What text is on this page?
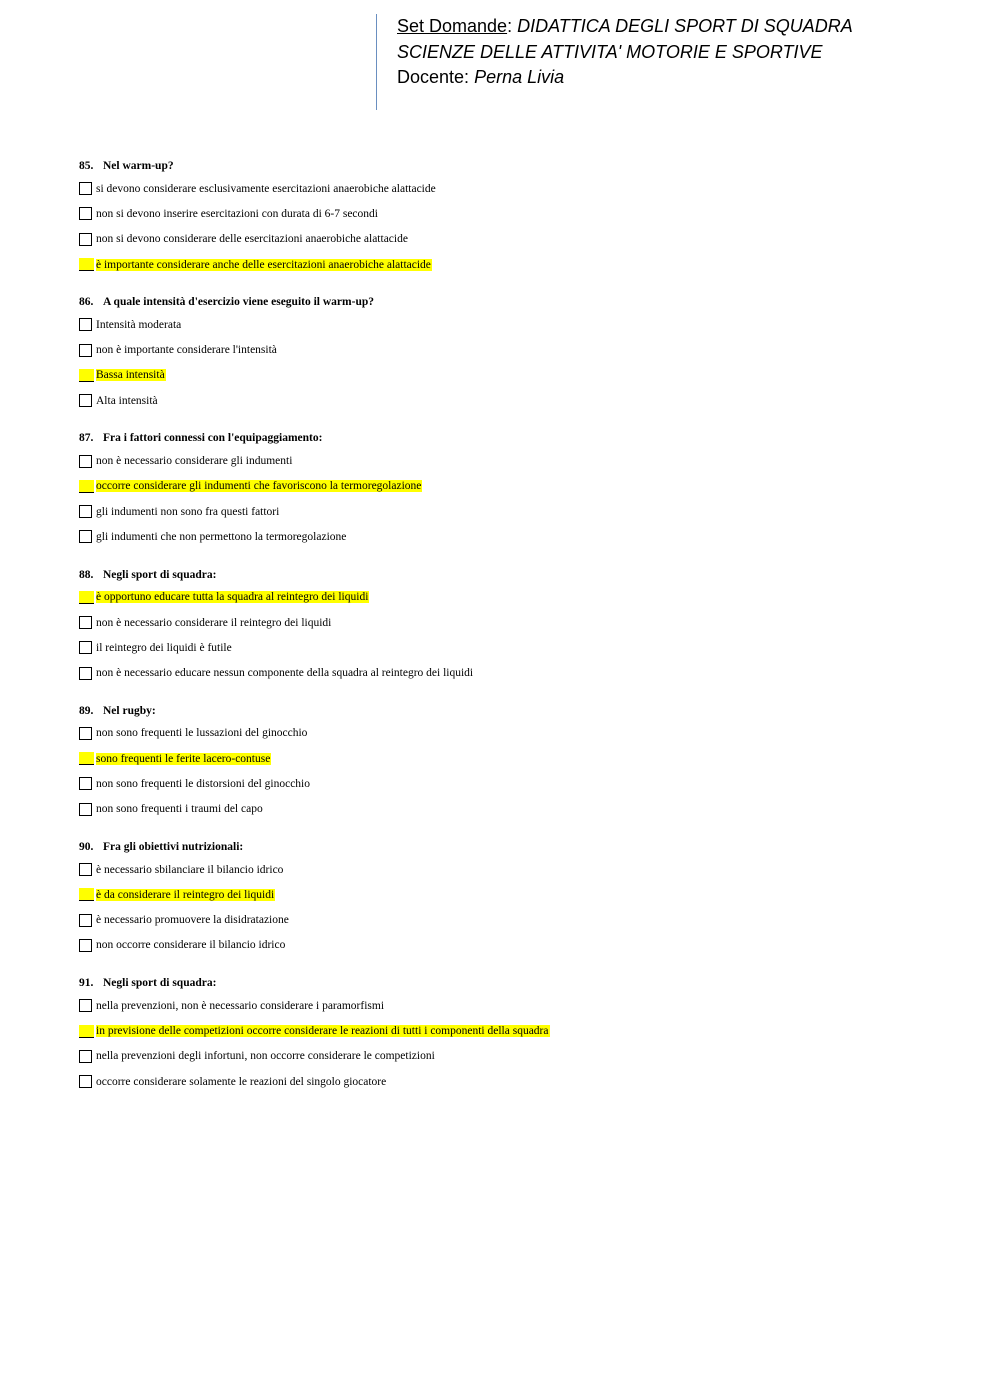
Set Domande: DIDATTICA DEGLI SPORT DI SQUADRA
SCIENZE DELLE ATTIVITA' MOTORIE E SPORTIVE
Docente: Perna Livia
85. Nel warm-up?
si devono considerare esclusivamente esercitazioni anaerobiche alattacide
non si devono inserire esercitazioni con durata di 6-7 secondi
non si devono considerare delle esercitazioni anaerobiche alattacide
è importante considerare anche delle esercitazioni anaerobiche alattacide
86. A quale intensità d'esercizio viene eseguito il warm-up?
Intensità moderata
non è importante considerare l'intensità
Bassa intensità
Alta intensità
87. Fra i fattori connessi con l'equipaggiamento:
non è necessario considerare gli indumenti
occorre considerare gli indumenti che favoriscono la termoregolazione
gli indumenti non sono fra questi fattori
gli indumenti che non permettono la termoregolazione
88. Negli sport di squadra:
è opportuno educare tutta la squadra al reintegro dei liquidi
non è necessario considerare il reintegro dei liquidi
il reintegro dei liquidi è futile
non è necessario educare nessun componente della squadra al reintegro dei liquidi
89. Nel rugby:
non sono frequenti le lussazioni del ginocchio
sono frequenti le ferite lacero-contuse
non sono frequenti le distorsioni del ginocchio
non sono frequenti i traumi del capo
90. Fra gli obiettivi nutrizionali:
è necessario sbilanciare il bilancio idrico
è da considerare il reintegro dei liquidi
è necessario promuovere la disidratazione
non occorre considerare il bilancio idrico
91. Negli sport di squadra:
nella prevenzioni, non è necessario considerare i paramorfismi
in previsione delle competizioni occorre considerare le reazioni di tutti i componenti della squadra
nella prevenzioni degli infortuni, non occorre considerare le competizioni
occorre considerare solamente le reazioni del singolo giocatore
